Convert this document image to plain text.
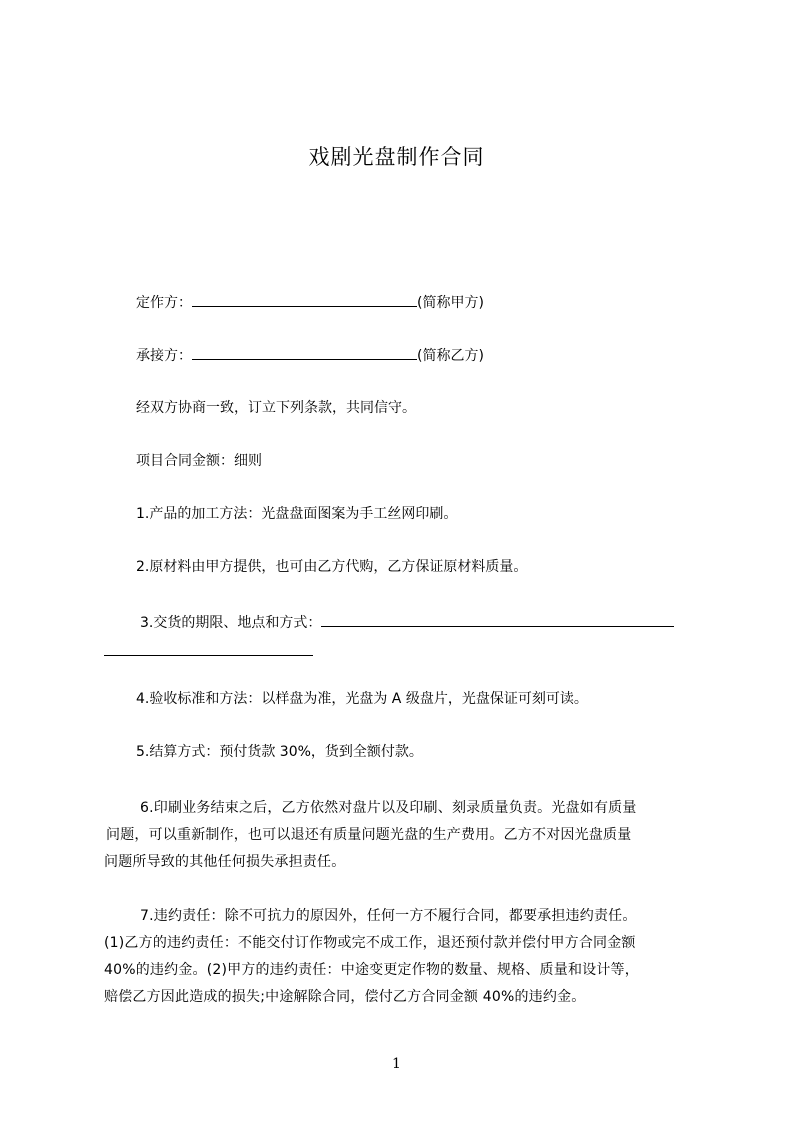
戏剧光盘制作合同
定作方：	(简称甲方)
承接方：	(简称乙方)
经双方协商一致，订立下列条款，共同信守。
项目合同金额：细则
1.产品的加工方法：光盘盘面图案为手工丝网印刷。
2.原材料由甲方提供，也可由乙方代购，乙方保证原材料质量。
3.交货的期限、地点和方式：
4.验收标准和方法：以样盘为准，光盘为 A 级盘片，光盘保证可刻可读。
5.结算方式：预付货款 30%，货到全额付款。
6.印刷业务结束之后，乙方依然对盘片以及印刷、刻录质量负责。光盘如有质量
问题，可以重新制作，也可以退还有质量问题光盘的生产费用。乙方不对因光盘质量
问题所导致的其他任何损失承担责任。
7.违约责任：除不可抗力的原因外，任何一方不履行合同，都要承担违约责任。
(1)乙方的违约责任：不能交付订作物或完不成工作，退还预付款并偿付甲方合同金额
40%的违约金。(2)甲方的违约责任：中途变更定作物的数量、规格、质量和设计等，
赔偿乙方因此造成的损失;中途解除合同，偿付乙方合同金额 40%的违约金。
1
